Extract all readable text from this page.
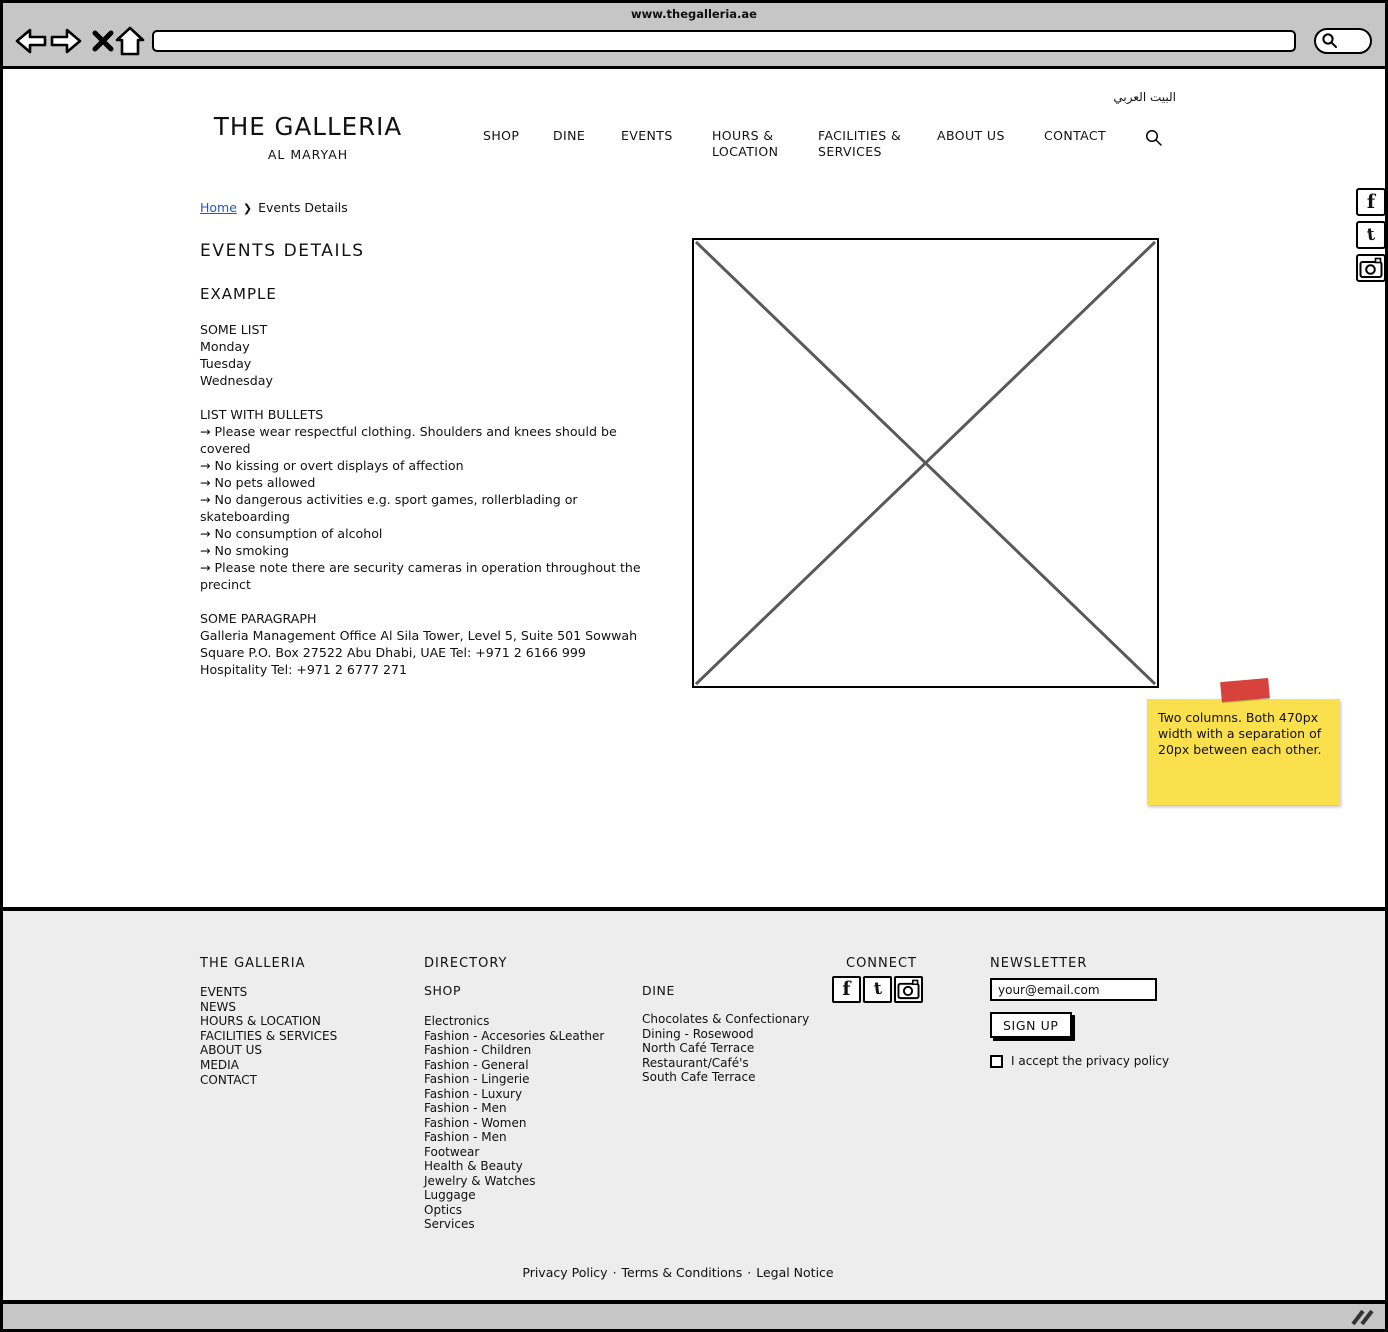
www.thegalleria.ae
البيت العربي
THE GALLERIA
AL MARYAH
SHOP	DINE	EVENTS	HOURS & LOCATION
FACILITIES & SERVICES
ABOUT US	CONTACT
Home ❯ Events Details
EVENTS DETAILS
EXAMPLE
SOME LIST
Monday
Tuesday
Wednesday
LIST WITH BULLETS
→ Please wear respectful clothing. Shoulders and knees should be covered
→ No kissing or overt displays of affection
→ No pets allowed
→ No dangerous activities e.g. sport games, rollerblading or skateboarding
→ No consumption of alcohol
→ No smoking
→ Please note there are security cameras in operation throughout the precinct
SOME PARAGRAPH
Galleria Management Office Al Sila Tower, Level 5, Suite 501 Sowwah Square P.O. Box 27522 Abu Dhabi, UAE Tel: +971 2 6166 999 Hospitality Tel: +971 2 6777 271
Two columns. Both 470px width with a separation of 20px between each other.
f
t
THE GALLERIA
EVENTS
NEWS
HOURS & LOCATION
FACILITIES & SERVICES
ABOUT US
MEDIA
CONTACT
DIRECTORY
SHOP
Electronics
Fashion - Accesories &Leather
Fashion - Children
Fashion - General
Fashion - Lingerie
Fashion - Luxury
Fashion - Men
Fashion - Women
Fashion - Men
Footwear
Health & Beauty
Jewelry & Watches
Luggage
Optics
Services
DINE
Chocolates & Confectionary
Dining - Rosewood
North Café Terrace
Restaurant/Café's
South Cafe Terrace
CONNECT
f t
NEWSLETTER
your@email.com
SIGN UP
I accept the privacy policy
Privacy Policy · Terms & Conditions · Legal Notice
